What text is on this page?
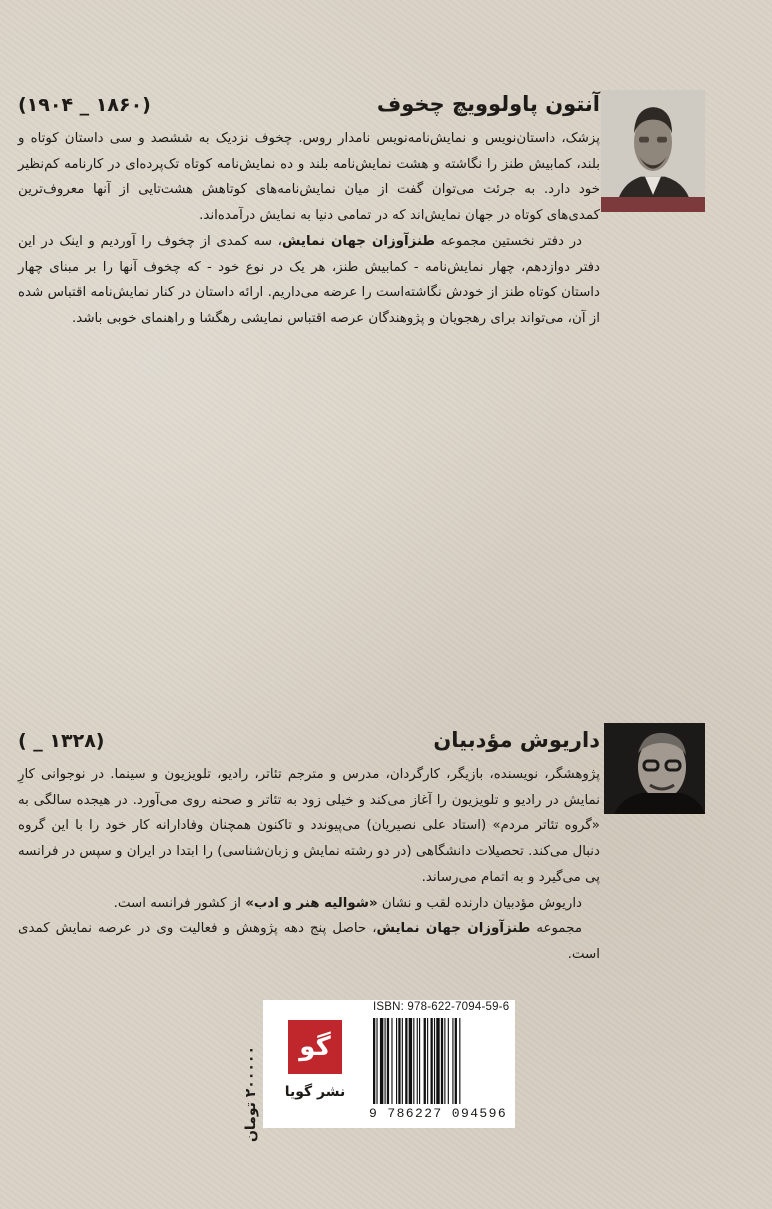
آنتون پاولوویچ چخوف
(۱۹۰۴ _ ۱۸۶۰)

پزشک، داستان‌نویس و نمایش‌نامه‌نویس نامدار روس. چخوف نزدیک به ششصد و سی داستان کوتاه و بلند، کمابیش طنز را نگاشته و هشت نمایش‌نامه بلند و ده نمایش‌نامه کوتاه تک‌پرده‌ای در کارنامه کم‌نظیر خود دارد. به جرئت می‌توان گفت از میان نمایش‌نامه‌های کوتاهش هشت‌تایی از آنها معروف‌ترین کمدی‌های کوتاه در جهان نمایش‌اند که در تمامی دنیا به نمایش درآمده‌اند.

در دفتر نخستین مجموعه طنزآوزان جهان نمایش، سه کمدی از چخوف را آوردیم و اینک در این دفتر دوازدهم، چهار نمایش‌نامه - کمابیش طنز، هر یک در نوع خود - که چخوف آنها را بر مبنای چهار داستان کوتاه طنز از خودش نگاشته‌است را عرضه می‌داریم. ارائه داستان در کنار نمایش‌نامه اقتباس شده از آن، می‌تواند برای رهجویان و پژوهندگان عرصه اقتباس نمایشی رهگشا و راهنمای خوبی باشد.

داریوش مؤدبیان
( _ ۱۳۲۸)

پژوهشگر، نویسنده، بازیگر، کارگردان، مدرس و مترجم تئاتر، رادیو، تلویزیون و سینما. در نوجوانی کارِ نمایش در رادیو و تلویزیون را آغاز می‌کند و خیلی زود به تئاتر و صحنه روی می‌آورد. در هیجده سالگی به «گروه تئاتر مردم» (استاد علی نصیریان) می‌پیوندد و تاکنون همچنان وفادارانه کار خود را با این گروه دنبال می‌کند. تحصیلات دانشگاهی (در دو رشته نمایش و زبان‌شناسی) را ابتدا در ایران و سپس در فرانسه پی می‌گیرد و به اتمام می‌رساند.

داریوش مؤدبیان دارنده لقب و نشان «شوالیه هنر و ادب» از کشور فرانسه است.

مجموعه طنزآوزان جهان نمایش، حاصل پنج دهه پژوهش و فعالیت وی در عرصه نمایش کمدی است.

۲۰۰۰۰۰ تومان	گو
نشر گویا
ISBN: 978-622-7094-59-6
9 786227 094596
